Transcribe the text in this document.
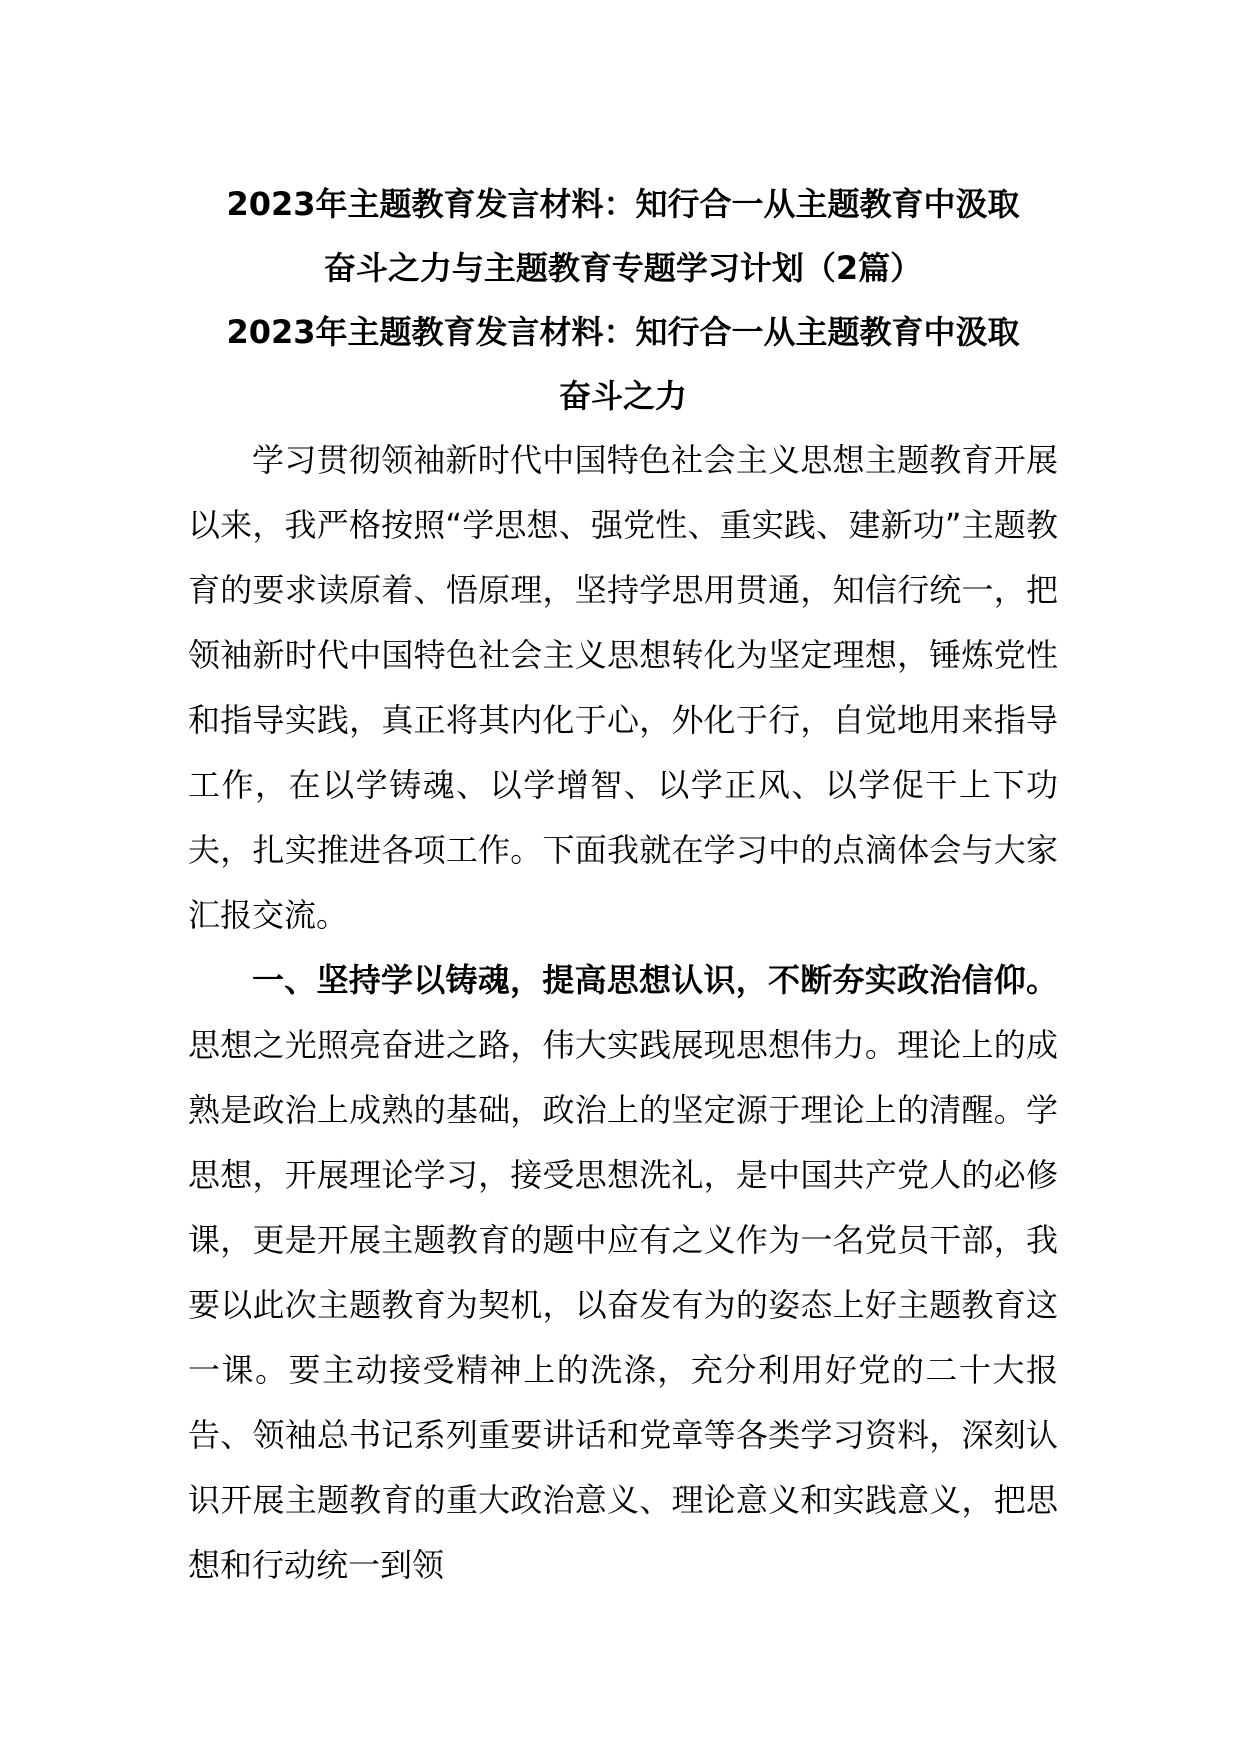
2023年主题教育发言材料：知行合一从主题教育中汲取
奋斗之力与主题教育专题学习计划（2篇）
2023年主题教育发言材料：知行合一从主题教育中汲取
奋斗之力

学习贯彻领袖新时代中国特色社会主义思想主题教育开展以来，我严格按照“学思想、强党性、重实践、建新功”主题教育的要求读原着、悟原理，坚持学思用贯通，知信行统一，把领袖新时代中国特色社会主义思想转化为坚定理想，锤炼党性和指导实践，真正将其内化于心，外化于行，自觉地用来指导工作，在以学铸魂、以学增智、以学正风、以学促干上下功夫，扎实推进各项工作。下面我就在学习中的点滴体会与大家汇报交流。

一、坚持学以铸魂，提高思想认识，不断夯实政治信仰。思想之光照亮奋进之路，伟大实践展现思想伟力。理论上的成熟是政治上成熟的基础，政治上的坚定源于理论上的清醒。学思想，开展理论学习，接受思想洗礼，是中国共产党人的必修课，更是开展主题教育的题中应有之义作为一名党员干部，我要以此次主题教育为契机，以奋发有为的姿态上好主题教育这一课。要主动接受精神上的洗涤，充分利用好党的二十大报告、领袖总书记系列重要讲话和党章等各类学习资料，深刻认识开展主题教育的重大政治意义、理论意义和实践意义，把思想和行动统一到领
